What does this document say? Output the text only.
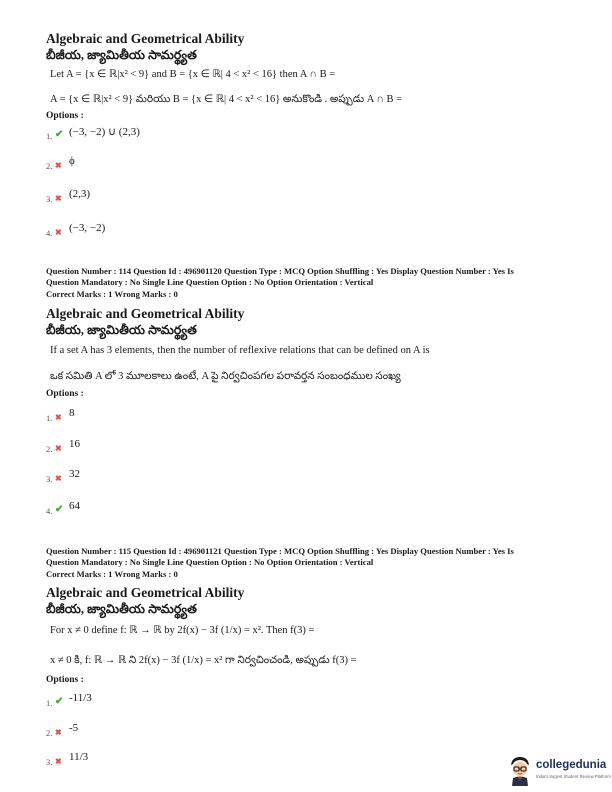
Algebraic and Geometrical Ability
బీజీయ, జ్యామితీయ సామర్థ్యత
Let A = {x ∈ ℝ|x² < 9} and B = {x ∈ ℝ| 4 < x² < 16} then A ∩ B =
A = {x ∈ ℝ|x² < 9} మరియు B = {x ∈ ℝ| 4 < x² < 16} అనుకొండి . అప్పుడు A ∩ B =
Options :
1. ✔ (−3, −2) ∪ (2,3)
2. ✖ ϕ
3. ✖ (2,3)
4. ✖ (−3, −2)
Question Number : 114 Question Id : 496901120 Question Type : MCQ Option Shuffling : Yes Display Question Number : Yes Is
Question Mandatory : No Single Line Question Option : No Option Orientation : Vertical
Correct Marks : 1 Wrong Marks : 0
Algebraic and Geometrical Ability
బీజీయ, జ్యామితీయ సామర్థ్యత
If a set A has 3 elements, then the number of reflexive relations that can be defined on A is
ఒక సమితి A లో 3 మూలకాలు ఉంటే, A పై నిర్వచింపగల పరావర్తన సంబంధముల సంఖ్య
Options :
1. ✖ 8
2. ✖ 16
3. ✖ 32
4. ✔ 64
Question Number : 115 Question Id : 496901121 Question Type : MCQ Option Shuffling : Yes Display Question Number : Yes Is
Question Mandatory : No Single Line Question Option : No Option Orientation : Vertical
Correct Marks : 1 Wrong Marks : 0
Algebraic and Geometrical Ability
బీజీయ, జ్యామితీయ సామర్థ్యత
For x ≠ 0 define f: ℝ → ℝ by 2f(x) − 3f (1/x) = x². Then f(3) =
x ≠ 0 కి, f: ℝ → ℝ ని 2f(x) − 3f (1/x) = x² గా నిర్వచించండి, అప్పుడు f(3) =
Options :
1. ✔ -11/3
2. ✖ -5
3. ✖ 11/3
collegedunia
India's largest Student Review Platform
